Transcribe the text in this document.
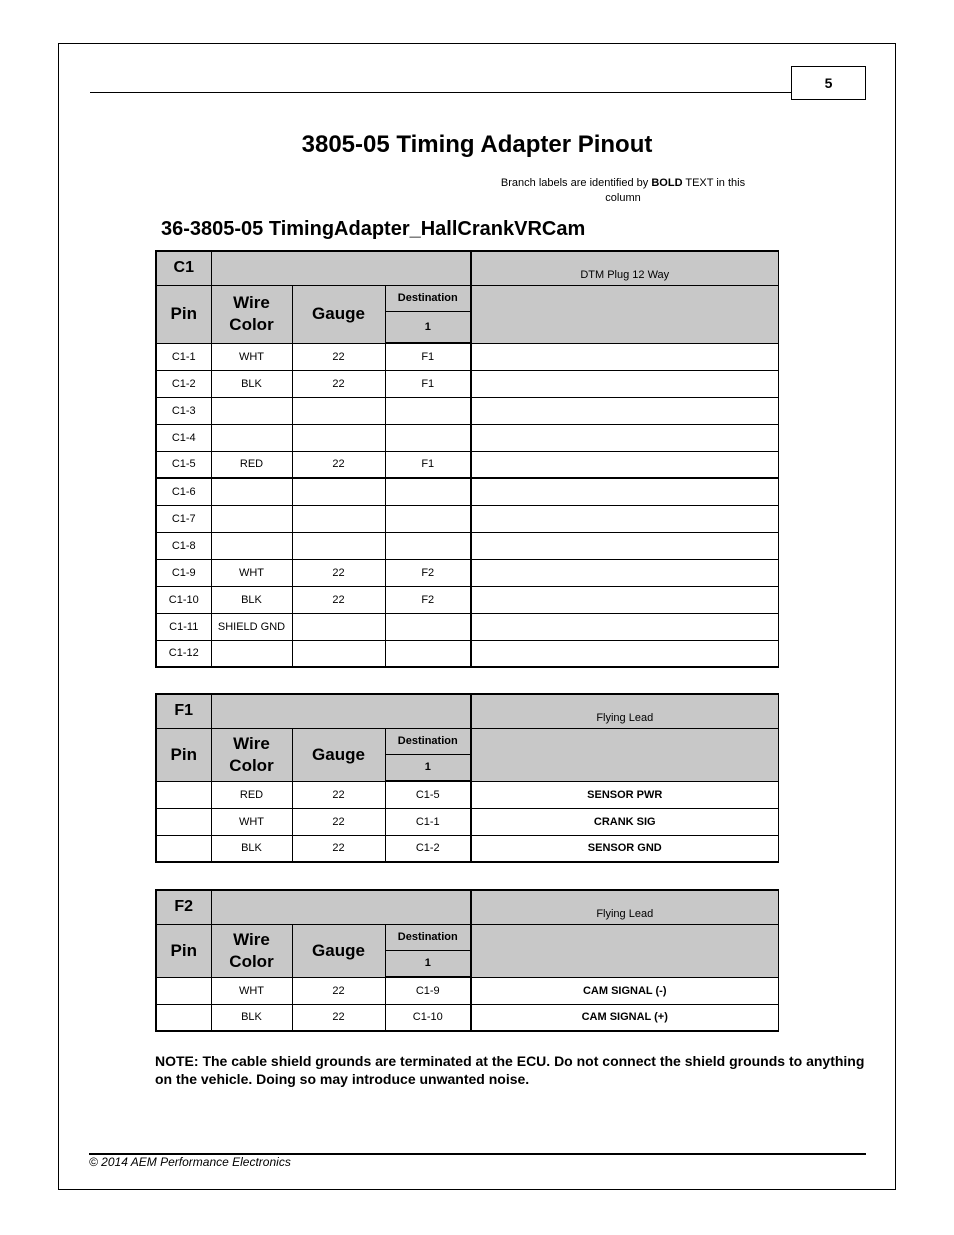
5
3805-05 Timing Adapter Pinout
Branch labels are identified by BOLD TEXT in this column
36-3805-05 TimingAdapter_HallCrankVRCam
C1				DTM Plug 12 Way
Pin	Wire Color	Gauge	Destination	
			1	
C1-1	WHT	22	F1	
C1-2	BLK	22	F1	
C1-3				
C1-4				
C1-5	RED	22	F1	
C1-6				
C1-7				
C1-8				
C1-9	WHT	22	F2	
C1-10	BLK	22	F2	
C1-11	SHIELD GND			
C1-12				
F1				Flying Lead
Pin	Wire Color	Gauge	Destination	
			1	
	RED	22	C1-5	SENSOR PWR
	WHT	22	C1-1	CRANK SIG
	BLK	22	C1-2	SENSOR GND
F2				Flying Lead
Pin	Wire Color	Gauge	Destination	
			1	
	WHT	22	C1-9	CAM SIGNAL (-)
	BLK	22	C1-10	CAM SIGNAL (+)
NOTE: The cable shield grounds are terminated at the ECU. Do not connect the shield grounds to anything on the vehicle. Doing so may introduce unwanted noise.
© 2014 AEM Performance Electronics
